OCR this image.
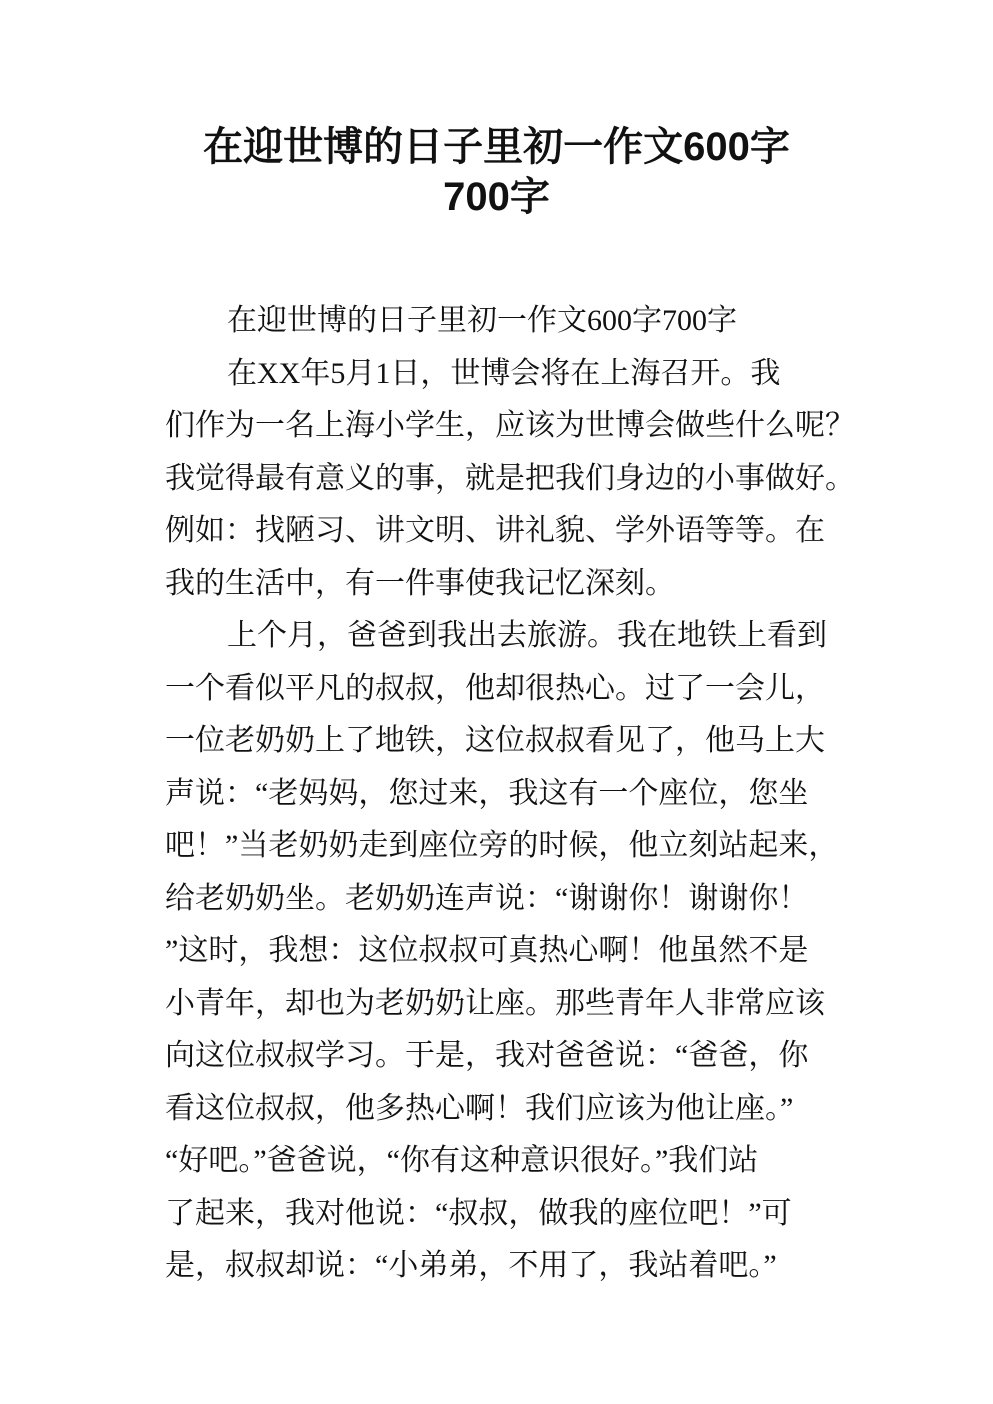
在迎世博的日子里初一作文600字
700字
在迎世博的日子里初一作文600字700字
在XX年5月1日，世博会将在上海召开。我
们作为一名上海小学生，应该为世博会做些什么呢？
我觉得最有意义的事，就是把我们身边的小事做好。
例如：找陋习、讲文明、讲礼貌、学外语等等。在
我的生活中，有一件事使我记忆深刻。
上个月，爸爸到我出去旅游。我在地铁上看到
一个看似平凡的叔叔，他却很热心。过了一会儿，
一位老奶奶上了地铁，这位叔叔看见了，他马上大
声说：“老妈妈，您过来，我这有一个座位，您坐
吧！”当老奶奶走到座位旁的时候，他立刻站起来，
给老奶奶坐。老奶奶连声说：“谢谢你！谢谢你！
”这时，我想：这位叔叔可真热心啊！他虽然不是
小青年，却也为老奶奶让座。那些青年人非常应该
向这位叔叔学习。于是，我对爸爸说：“爸爸，你
看这位叔叔，他多热心啊！我们应该为他让座。”
“好吧。”爸爸说，“你有这种意识很好。”我们站
了起来，我对他说：“叔叔，做我的座位吧！”可
是，叔叔却说：“小弟弟，不用了，我站着吧。”
